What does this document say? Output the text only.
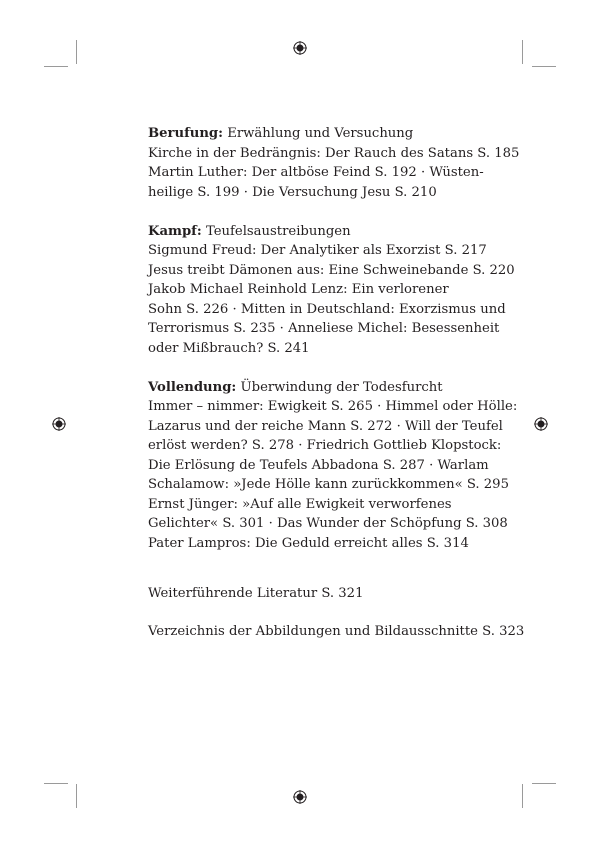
Berufung: Erwählung und Versuchung
Kirche in der Bedrängnis: Der Rauch des Satans S. 185
Martin Luther: Der altböse Feind S. 192 · Wüsten-
heilige S. 199 · Die Versuchung Jesu S. 210
Kampf: Teufelsaustreibungen
Sigmund Freud: Der Analytiker als Exorzist S. 217
Jesus treibt Dämonen aus: Eine Schweinebande S. 220
Jakob Michael Reinhold Lenz: Ein verlorener
Sohn S. 226 · Mitten in Deutschland: Exorzismus und
Terrorismus S. 235 · Anneliese Michel: Besessenheit
oder Mißbrauch? S. 241
Vollendung: Überwindung der Todesfurcht
Immer – nimmer: Ewigkeit S. 265 · Himmel oder Hölle:
Lazarus und der reiche Mann S. 272 · Will der Teufel
erlöst werden? S. 278 · Friedrich Gottlieb Klopstock:
Die Erlösung de Teufels Abbadona S. 287 · Warlam
Schalamow: »Jede Hölle kann zurückkommen« S. 295
Ernst Jünger: »Auf alle Ewigkeit verworfenes
Gelichter« S. 301 · Das Wunder der Schöpfung S. 308
Pater Lampros: Die Geduld erreicht alles S. 314
Weiterführende Literatur S. 321
Verzeichnis der Abbildungen und Bildausschnitte S. 323
